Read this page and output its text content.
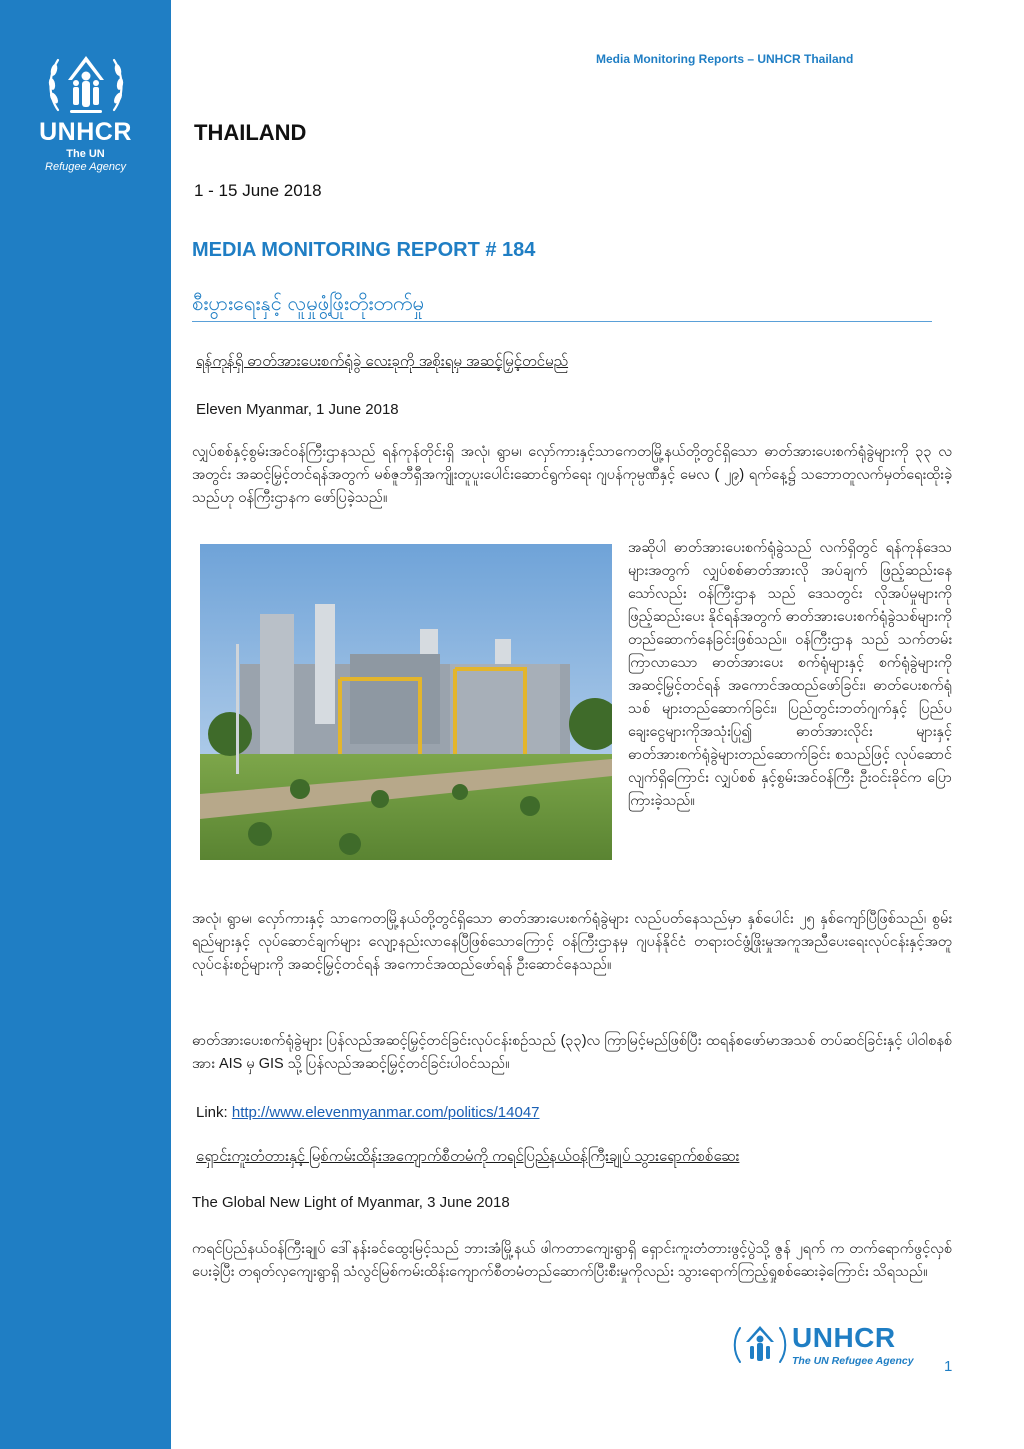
UNHCR
The UN
Refugee Agency
Media Monitoring Reports – UNHCR Thailand
THAILAND
1 - 15 June 2018
MEDIA MONITORING REPORT # 184
စီးပွားရေးနှင့် လူမှုဖွံ့ဖြိုးတိုးတက်မှု
ရန်ကုန်ရှိ ဓာတ်အားပေးစက်ရုံခွဲ လေးခုကို အစိုးရမှ အဆင့်မြှင့်တင်မည်
Eleven Myanmar, 1 June 2018

လျှပ်စစ်နှင့်စွမ်းအင်ဝန်ကြီးဌာနသည် ရန်ကုန်တိုင်းရှိ အလုံ၊ ရွာမ၊ လှော်ကားနှင့်သာကေတမြို့နယ်တို့တွင်ရှိသော ဓာတ်အားပေးစက်ရုံခွဲများကို ၃၃ လအတွင်း အဆင့်မြှင့်တင်ရန်အတွက် မစ်ဇူဘီရှီအကျိုးတူပူးပေါင်းဆောင်ရွက်ရေး ဂျပန်ကုမ္ပဏီနှင့် မေလ ( ၂၉) ရက်နေ့၌ သဘောတူလက်မှတ်ရေးထိုးခဲ့သည်ဟု ဝန်ကြီးဌာနက ဖော်ပြခဲ့သည်။

အဆိုပါ ဓာတ်အားပေးစက်ရုံခွဲသည် လက်ရှိတွင် ရန်ကုန်ဒေသများအတွက် လျှပ်စစ်ဓာတ်အားလို အပ်ချက် ဖြည့်ဆည်းနေသော်လည်း ဝန်ကြီးဌာန သည် ဒေသတွင်း လိုအပ်မှုများကို ဖြည့်ဆည်းပေး နိုင်ရန်အတွက် ဓာတ်အားပေးစက်ရုံခွဲသစ်များကို တည်ဆောက်နေခြင်းဖြစ်သည်။ ဝန်ကြီးဌာန သည် သက်တမ်းကြာလာသော ဓာတ်အားပေး စက်ရုံများနှင့် စက်ရုံခွဲများကို အဆင့်မြှင့်တင်ရန် အကောင်အထည်ဖော်ခြင်း၊ ဓာတ်ပေးစက်ရုံသစ် များတည်ဆောက်ခြင်း၊ ပြည်တွင်းဘတ်ဂျက်နှင့် ပြည်ပချေးငွေများကိုအသုံးပြု၍ ဓာတ်အားလိုင်း များနှင့် ဓာတ်အားစက်ရုံခွဲများတည်ဆောက်ခြင်း စသည်ဖြင့် လုပ်ဆောင်လျက်ရှိကြောင်း လျှပ်စစ် နှင့်စွမ်းအင်ဝန်ကြီး ဦးဝင်းခိုင်က ပြောကြားခဲ့သည်။

အလုံ၊ ရွာမ၊ လှော်ကားနှင့် သာကေတမြို့နယ်တို့တွင်ရှိသော ဓာတ်အားပေးစက်ရုံခွဲများ လည်ပတ်နေသည်မှာ နှစ်ပေါင်း ၂၅ နှစ်ကျော်ပြီဖြစ်သည်၊ စွမ်းရည်များနှင့် လုပ်ဆောင်ချက်များ လျော့နည်းလာနေပြီဖြစ်သောကြောင့် ဝန်ကြီးဌာနမှ ဂျပန်နိုင်ငံ တရားဝင်ဖွံ့ဖြိုးမှုအကူအညီပေးရေးလုပ်ငန်းနှင့်အတူ လုပ်ငန်းစဉ်များကို အဆင့်မြှင့်တင်ရန် အကောင်အထည်ဖော်ရန် ဦးဆောင်နေသည်။

ဓာတ်အားပေးစက်ရုံခွဲများ ပြန်လည်အဆင့်မြှင့်တင်ခြင်းလုပ်ငန်းစဉ်သည် (၃၃)လ ကြာမြင့်မည်ဖြစ်ပြီး ထရန်စဖော်မာအသစ် တပ်ဆင်ခြင်းနှင့် ပါဝါစနစ်အား AIS မှ GIS သို့ ပြန်လည်အဆင့်မြှင့်တင်ခြင်းပါဝင်သည်။

Link: http://www.elevenmyanmar.com/politics/14047
ရှောင်းကူးတံတားနှင့် မြစ်ကမ်းထိန်းအကျောက်စီတမံကို ကရင်ပြည်နယ်ဝန်ကြီးချုပ် သွားရောက်စစ်ဆေး
The Global New Light of Myanmar, 3 June 2018

ကရင်ပြည်နယ်ဝန်ကြီးချုပ် ဒေါ်နန်းခင်ထွေးမြင့်သည် ဘားအံမြို့နယ် ဖါကတာကျေးရွာရှိ ရှောင်းကူးတံတားဖွင့်ပွဲသို့ ဇွန် ၂ရက် က တက်ရောက်ဖွင့်လှစ်ပေးခဲ့ပြီး တရုတ်လှကျေးရွာရှိ သံလွင်မြစ်ကမ်းထိန်းကျောက်စီတမံတည်ဆောက်ပြီးစီးမှုကိုလည်း သွားရောက်ကြည့်ရှုစစ်ဆေးခဲ့ကြောင်း သိရသည်။

UNHCR
The UN Refugee Agency 1
